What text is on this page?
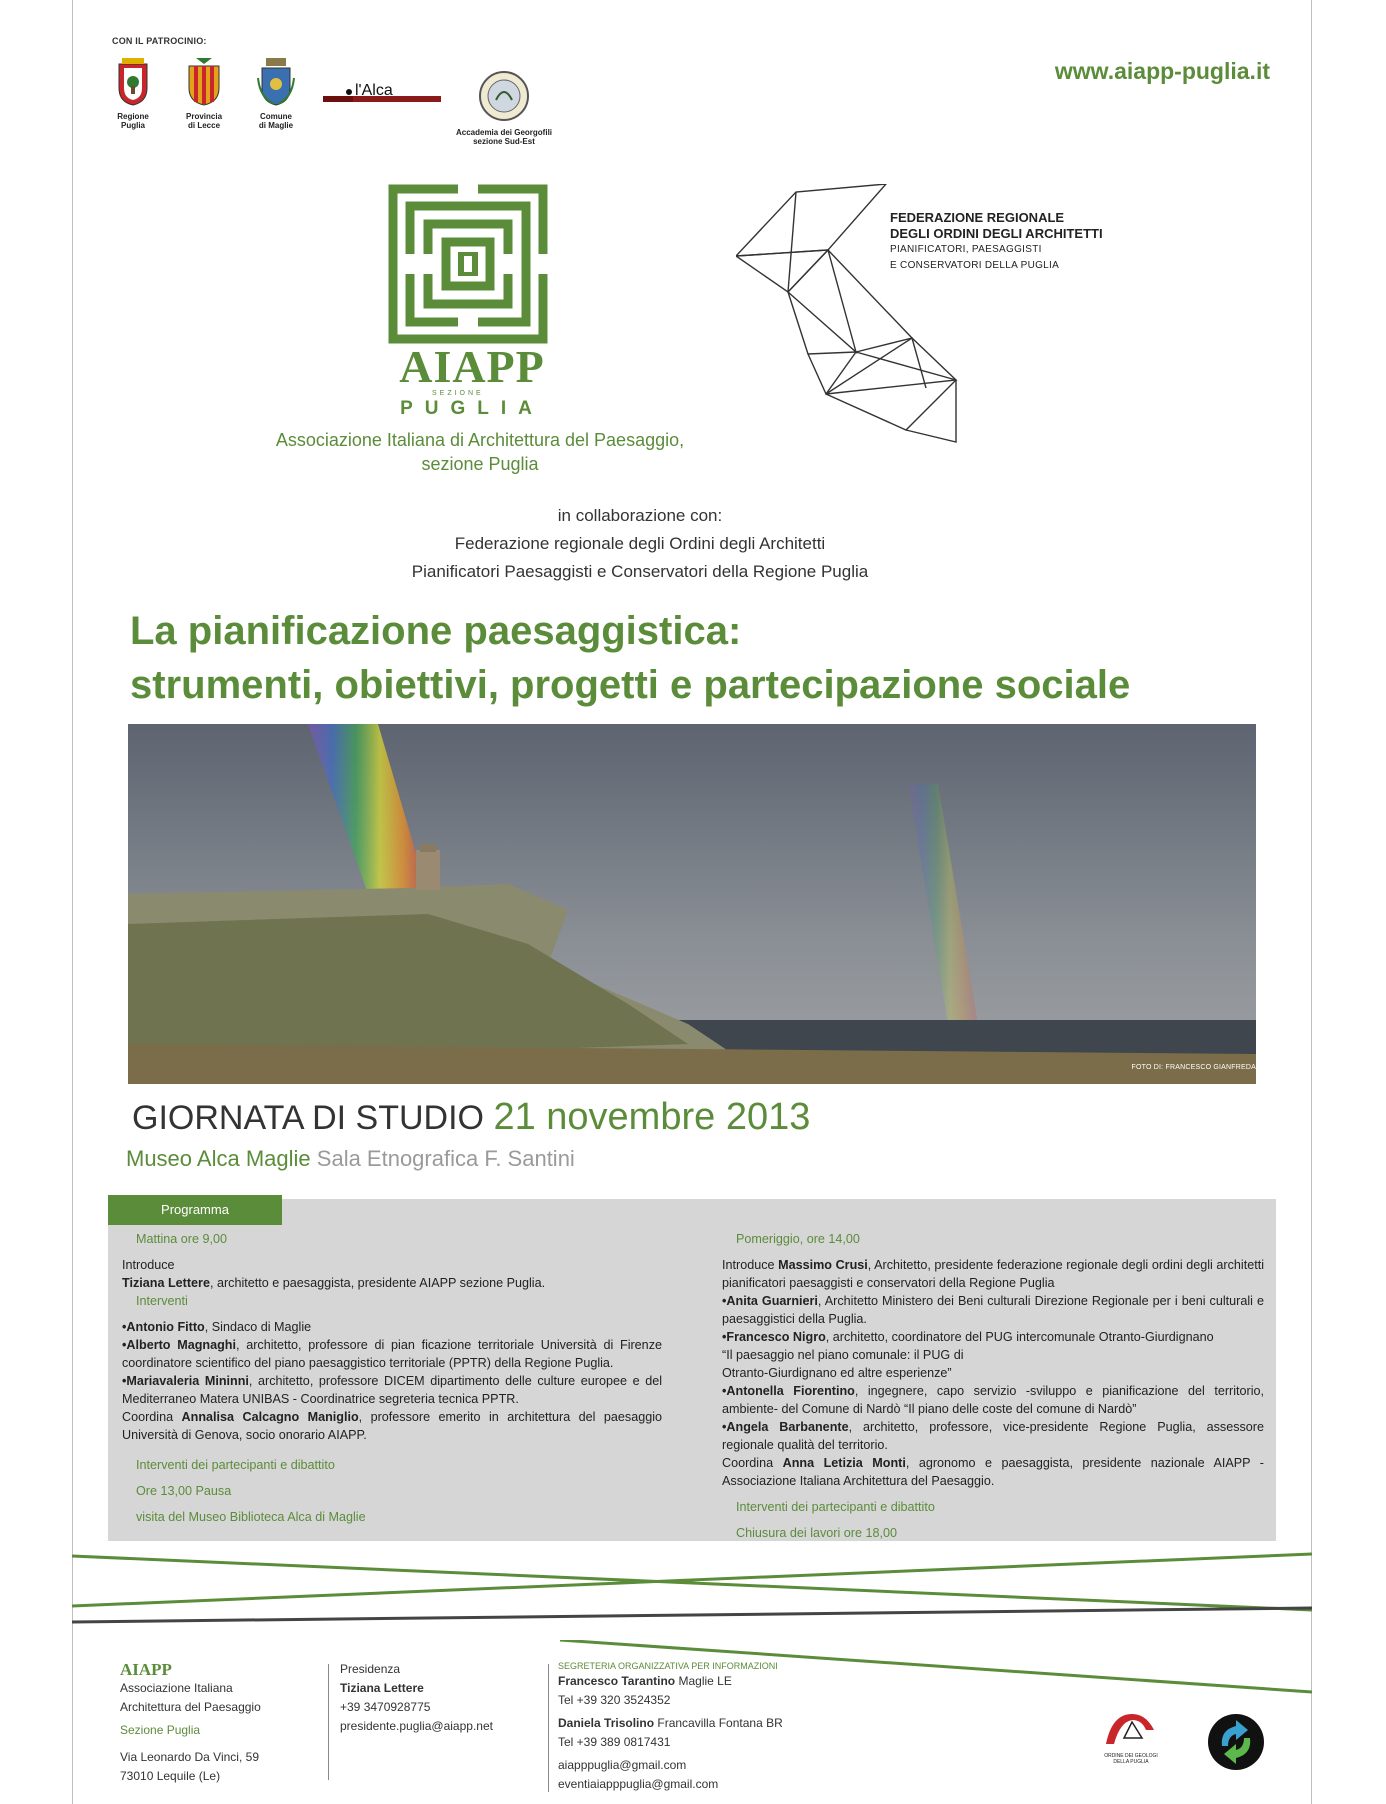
CON IL PATROCINIO:
Regione
Puglia
Provincia
di Lecce
Comune
di Maglie
l'Alca
Accademia dei Georgofili
sezione Sud-Est
www.aiapp-puglia.it
AIAPP
SEZIONE
PUGLIA
Associazione Italiana di Architettura del Paesaggio,
sezione Puglia
FEDERAZIONE REGIONALE
DEGLI ORDINI DEGLI ARCHITETTI
PIANIFICATORI, PAESAGGISTI
E CONSERVATORI DELLA PUGLIA
in collaborazione con:
Federazione regionale degli Ordini degli Architetti
Pianificatori Paesaggisti e Conservatori della Regione Puglia
La pianificazione paesaggistica:
strumenti, obiettivi, progetti e partecipazione sociale
FOTO DI: FRANCESCO GIANFREDA
GIORNATA DI STUDIO 21 novembre 2013
Museo Alca Maglie Sala Etnografica F. Santini
Programma
Mattina ore 9,00
Introduce

Tiziana Lettere, architetto e paesaggista, presidente AIAPP sezione Puglia.

Interventi

•Antonio Fitto, Sindaco di Maglie

•Alberto Magnaghi, architetto, professore di pian ficazione territoriale Università di Firenze coordinatore scientifico del piano paesaggistico territoriale (PPTR) della Regione Puglia.

•Mariavaleria Mininni, architetto, professore DICEM dipartimento delle culture europee e del Mediterraneo Matera UNIBAS - Coordinatrice segreteria tecnica PPTR.

Coordina Annalisa Calcagno Maniglio, professore emerito in architettura del paesaggio Università di Genova, socio onorario AIAPP.

Interventi dei partecipanti e dibattito
Ore 13,00 Pausa
visita del Museo Biblioteca Alca di Maglie
Pomeriggio, ore 14,00

Introduce Massimo Crusi, Architetto, presidente federazione regionale degli ordini degli architetti pianificatori paesaggisti e conservatori della Regione Puglia

•Anita Guarnieri, Architetto Ministero dei Beni culturali Direzione Regionale per i beni culturali e paesaggistici della Puglia.

•Francesco Nigro, architetto, coordinatore del PUG intercomunale Otranto-Giurdignano

“Il paesaggio nel piano comunale: il PUG di

Otranto-Giurdignano ed altre esperienze”

•Antonella Fiorentino, ingegnere, capo servizio -sviluppo e pianificazione del territorio, ambiente- del Comune di Nardò “Il piano delle coste del comune di Nardò”

•Angela Barbanente, architetto, professore, vice-presidente Regione Puglia, assessore regionale qualità del territorio.

Coordina Anna Letizia Monti, agronomo e paesaggista, presidente nazionale AIAPP - Associazione Italiana Architettura del Paesaggio.

Interventi dei partecipanti e dibattito
Chiusura dei lavori ore 18,00
AIAPP
Associazione Italiana
Architettura del Paesaggio
Sezione Puglia
Via Leonardo Da Vinci, 59
73010 Lequile (Le)
Presidenza
Tiziana Lettere
+39 3470928775
presidente.puglia@aiapp.net
SEGRETERIA ORGANIZZATIVA PER INFORMAZIONI
Francesco Tarantino Maglie LE
Tel +39 320 3524352
Daniela Trisolino Francavilla Fontana BR
Tel +39 389 0817431
aiapppuglia@gmail.com
eventiaiapppuglia@gmail.com
ORDINE DEI GEOLOGI
DELLA PUGLIA
